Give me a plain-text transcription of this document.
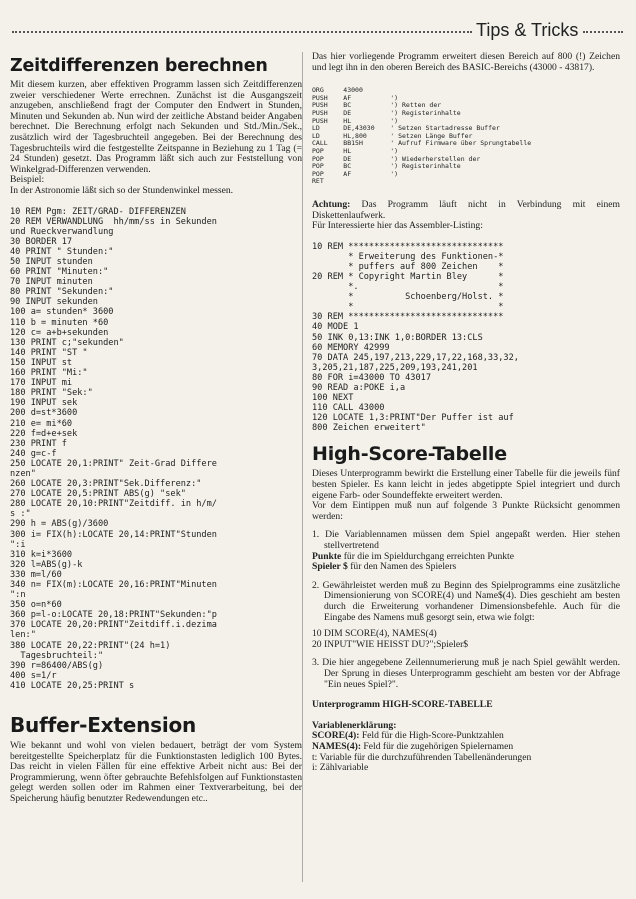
Tips & Tricks
Zeitdifferenzen berechnen

Mit diesem kurzen, aber effektiven Programm lassen sich Zeitdifferenzen zweier verschiedener Werte errechnen. Zunächst ist die Ausgangszeit anzugeben, anschließend fragt der Computer den Endwert in Stunden, Minuten und Sekunden ab. Nun wird der zeitliche Abstand beider Angaben berechnet. Die Berechnung erfolgt nach Sekunden und Std./Min./Sek., zusätzlich wird der Tagesbruchteil angegeben. Bei der Berechnung des Tagesbruchteils wird die festgestellte Zeitspanne in Beziehung zu 1 Tag (= 24 Stunden) gesetzt. Das Programm läßt sich auch zur Feststellung von Winkelgrad-Differenzen verwenden.

Beispiel:

In der Astronomie läßt sich so der Stundenwinkel messen.

10 REM Pgm: ZEIT/GRAD- DIFFERENZEN
20 REM VERWANDLUNG  hh/mm/ss in Sekunden
und Rueckverwandlung
30 BORDER 17
40 PRINT " Stunden:"
50 INPUT stunden
60 PRINT "Minuten:"
70 INPUT minuten
80 PRINT "Sekunden:"
90 INPUT sekunden
100 a= stunden* 3600
110 b = minuten *60
120 c= a+b+sekunden
130 PRINT c;"sekunden"
140 PRINT "ST "
150 INPUT st
160 PRINT "Mi:"
170 INPUT mi
180 PRINT "Sek:"
190 INPUT sek
200 d=st*3600
210 e= mi*60
220 f=d+e+sek
230 PRINT f
240 g=c-f
250 LOCATE 20,1:PRINT" Zeit-Grad Differe
nzen"
260 LOCATE 20,3:PRINT"Sek.Differenz:"
270 LOCATE 20,5:PRINT ABS(g) "sek"
280 LOCATE 20,10:PRINT"Zeitdiff. in h/m/
s :"
290 h = ABS(g)/3600
300 i= FIX(h):LOCATE 20,14:PRINT"Stunden
":i
310 k=i*3600
320 l=ABS(g)-k
330 m=l/60
340 n= FIX(m):LOCATE 20,16:PRINT"Minuten
":n
350 o=n*60
360 p=l-o:LOCATE 20,18:PRINT"Sekunden:"p
370 LOCATE 20,20:PRINT"Zeitdiff.i.dezima
len:"
380 LOCATE 20,22:PRINT"(24 h=1)
Tagesbruchteil:"
390 r=86400/ABS(g)
400 s=1/r
410 LOCATE 20,25:PRINT s
Buffer-Extension

Wie bekannt und wohl von vielen bedauert, beträgt der vom System bereitgestellte Speicherplatz für die Funktionstasten lediglich 100 Bytes. Das reicht in vielen Fällen für eine effektive Arbeit nicht aus: Bei der Programmierung, wenn öfter gebrauchte Befehlsfolgen auf Funktionstasten gelegt werden sollen oder im Rahmen einer Textverarbeitung, bei der Speicherung häufig benutzter Redewendungen etc..

Das hier vorliegende Programm erweitert diesen Bereich auf 800 (!) Zeichen und legt ihn in den oberen Bereich des BASIC-Bereichs (43000 - 43817).

ORG     43000
PUSH    AF          ')
PUSH    BC          ') Retten der
PUSH    DE          ') Registerinhalte
PUSH    HL          ')
LD      DE,43030    ' Setzen Startadresse Buffer
LD      HL,800      ' Setzen Länge Buffer
CALL    BB15H       ' Aufruf Firmware über Sprungtabelle
POP     HL          ')
POP     DE          ') Wiederherstellen der
POP     BC          ') Registerinhalte
POP     AF          ')
RET

Achtung: Das Programm läuft nicht in Verbindung mit einem Diskettenlaufwerk.

Für Interessierte hier das Assembler-Listing:

10 REM ******************************
* Erweiterung des Funktionen-*
* puffers auf 800 Zeichen    *
20 REM * Copyright Martin Bley      *
*.                           *
*          Schoenberg/Holst. *
*                            *
30 REM ******************************
40 MODE 1
50 INK 0,13:INK 1,0:BORDER 13:CLS
60 MEMORY 42999
70 DATA 245,197,213,229,17,22,168,33,32,
3,205,21,187,225,209,193,241,201
80 FOR i=43000 TO 43017
90 READ a:POKE i,a
100 NEXT
110 CALL 43000
120 LOCATE 1,3:PRINT"Der Puffer ist auf
800 Zeichen erweitert"
High-Score-Tabelle

Dieses Unterprogramm bewirkt die Erstellung einer Tabelle für die jeweils fünf besten Spieler. Es kann leicht in jedes abgetippte Spiel integriert und durch eigene Farb- oder Soundeffekte erweitert werden.

Vor dem Eintippen muß nun auf folgende 3 Punkte Rücksicht genommen werden:

1. Die Variablennamen müssen dem Spiel angepaßt werden. Hier stehen stellvertretend

Punkte für die im Spieldurchgang erreichten Punkte

Spieler $ für den Namen des Spielers

2. Gewährleistet werden muß zu Beginn des Spielprogramms eine zusätzliche Dimensionierung von SCORE(4) und Name$(4). Dies geschieht am besten durch die Erweiterung vorhandener Dimensionsbefehle. Auch für die Eingabe des Namens muß gesorgt sein, etwa wie folgt:

10 DIM SCORE(4), NAMES(4)

20 INPUT"WIE HEISST DU?";Spieler$

3. Die hier angegebene Zeilennumerierung muß je nach Spiel gewählt werden. Der Sprung in dieses Unterprogramm geschieht am besten vor der Abfrage "Ein neues Spiel?".

Unterprogramm HIGH-SCORE-TABELLE

Variablenerklärung:

SCORE(4): Feld für die High-Score-Punktzahlen

NAMES(4): Feld für die zugehörigen Spielernamen

t: Variable für die durchzuführenden Tabellenänderungen

i: Zählvariable
